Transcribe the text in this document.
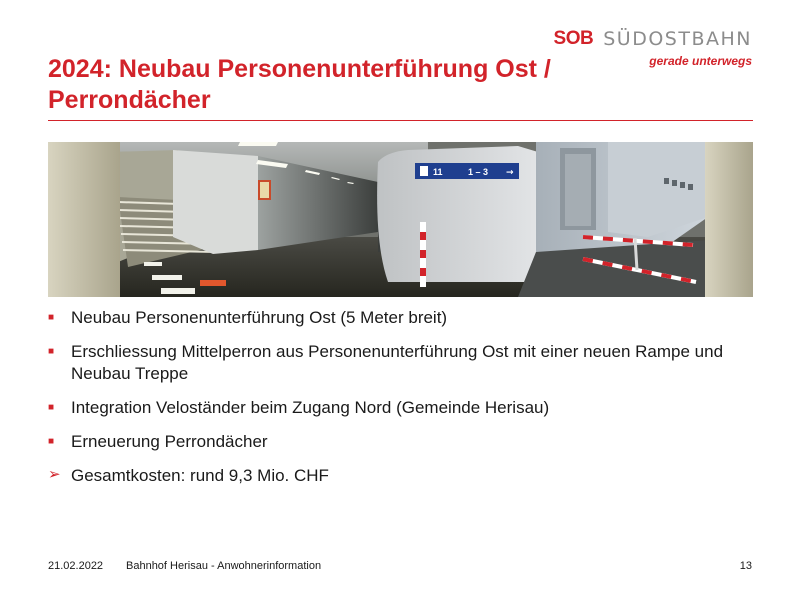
SOB SÜDOSTBAHN
gerade unterwegs
2024: Neubau Personenunterführung Ost / Perrondächer
11	1 – 3 →
■ Neubau Personenunterführung Ost (5 Meter breit)
■ Erschliessung Mittelperron aus Personenunterführung Ost mit einer neuen Rampe und Neubau Treppe
■ Integration Veloständer beim Zugang Nord (Gemeinde Herisau)
■ Erneuerung Perrondächer
➢ Gesamtkosten: rund 9,3 Mio. CHF
21.02.2022 Bahnhof Herisau - Anwohnerinformation	13
